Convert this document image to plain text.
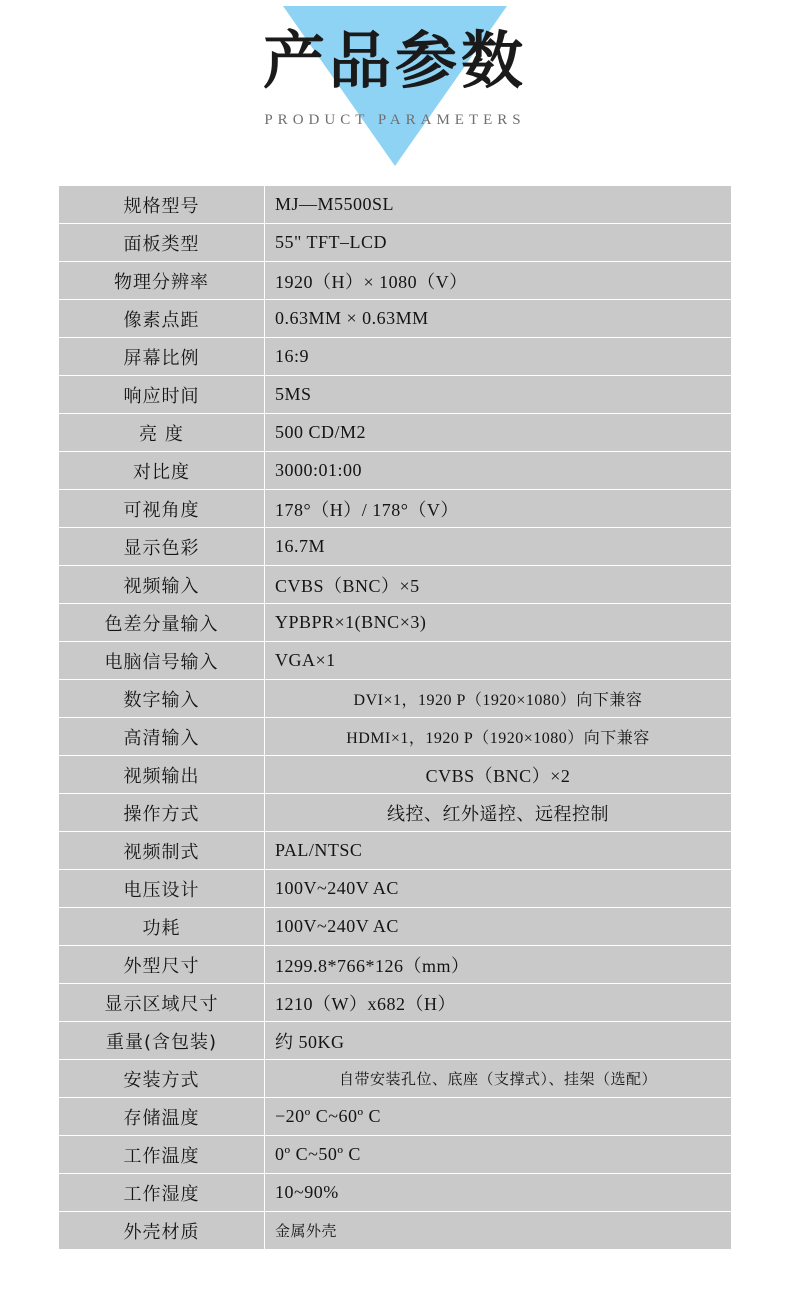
产品参数
PRODUCT PARAMETERS
规格型号	MJ—M5500SL
面板类型	55" TFT–LCD
物理分辨率	1920（H）× 1080（V）
像素点距	0.63MM × 0.63MM
屏幕比例	16:9
响应时间	5MS
亮 度	500 CD/M2
对比度	3000:01:00
可视角度	178°（H）/ 178°（V）
显示色彩	16.7M
视频输入	CVBS（BNC）×5
色差分量输入	YPBPR×1(BNC×3)
电脑信号输入	VGA×1
数字输入	DVI×1，1920 P（1920×1080）向下兼容
高清输入	HDMI×1，1920 P（1920×1080）向下兼容
视频输出	CVBS（BNC）×2
操作方式	线控、红外遥控、远程控制
视频制式	PAL/NTSC
电压设计	100V~240V AC
功耗	100V~240V AC
外型尺寸	1299.8*766*126（mm）
显示区域尺寸	1210（W）x682（H）
重量(含包装)	约 50KG
安装方式	自带安装孔位、底座（支撑式）、挂架（选配）
存储温度	−20º C~60º C
工作温度	0º C~50º C
工作湿度	10~90%
外壳材质	金属外壳
